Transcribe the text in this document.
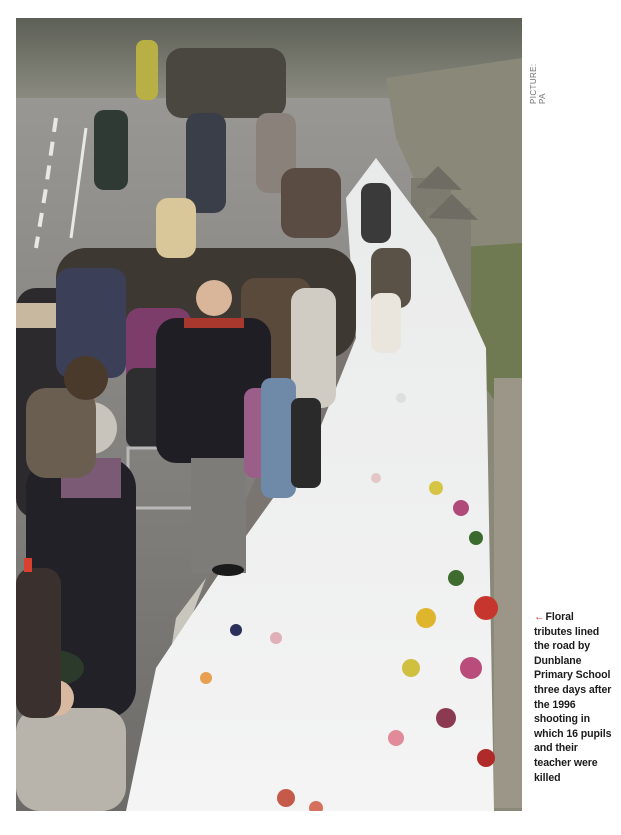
PICTURE: PA
←Floral tributes lined the road by Dunblane Primary School three days after the 1996 shooting in which 16 pupils and their teacher were killed
